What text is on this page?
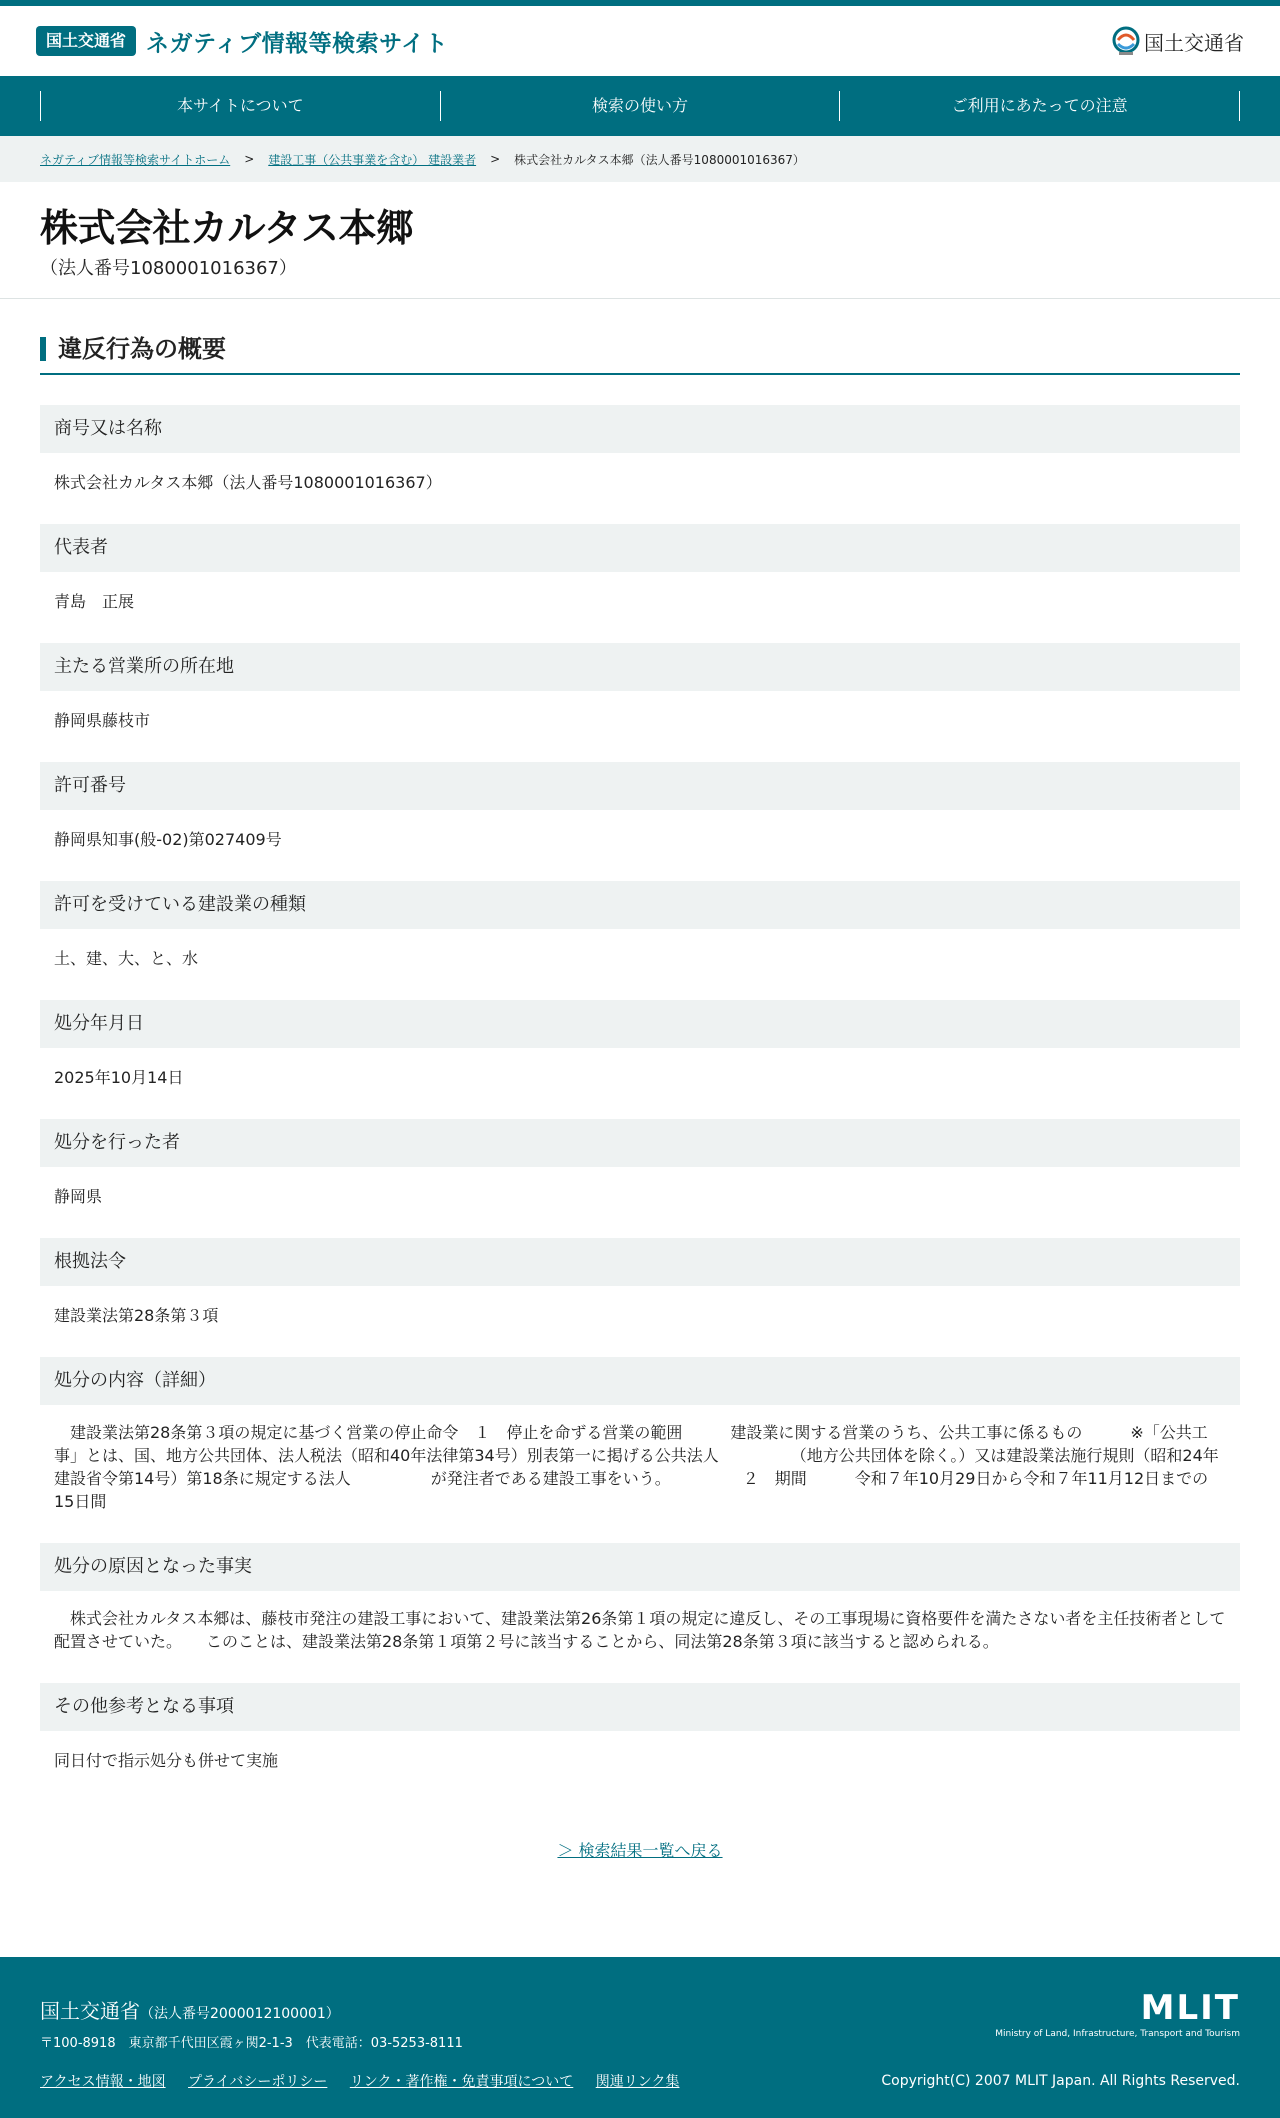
国土交通省 ネガティブ情報等検索サイト	国土交通省
本サイトについて	検索の使い方	ご利用にあたっての注意
ネガティブ情報等検索サイトホーム > 建設工事（公共事業を含む） 建設業者 > 株式会社カルタス本郷（法人番号1080001016367）
株式会社カルタス本郷
（法人番号1080001016367）
違反行為の概要
商号又は名称
株式会社カルタス本郷（法人番号1080001016367）
代表者
青島　正展
主たる営業所の所在地
静岡県藤枝市
許可番号
静岡県知事(般-02)第027409号
許可を受けている建設業の種類
土、建、大、と、水
処分年月日
2025年10月14日
処分を行った者
静岡県
根拠法令
建設業法第28条第３項
処分の内容（詳細）
　建設業法第28条第３項の規定に基づく営業の停止命令　１　停止を命ずる営業の範囲　　　建設業に関する営業のうち、公共工事に係るもの　　　※「公共工事」とは、国、地方公共団体、法人税法（昭和40年法律第34号）別表第一に掲げる公共法人　　　　　（地方公共団体を除く。）又は建設業法施行規則（昭和24年建設省令第14号）第18条に規定する法人　　　　　が発注者である建設工事をいう。　　　　　２　期間　　　令和７年10月29日から令和７年11月12日までの15日間
処分の原因となった事実
　株式会社カルタス本郷は、藤枝市発注の建設工事において、建設業法第26条第１項の規定に違反し、その工事現場に資格要件を満たさない者を主任技術者として配置させていた。　　このことは、建設業法第28条第１項第２号に該当することから、同法第28条第３項に該当すると認められる。
その他参考となる事項
同日付で指示処分も併せて実施
＞ 検索結果一覧へ戻る
国土交通省（法人番号2000012100001）
〒100-8918　東京都千代田区霞ヶ関2-1-3　代表電話：03-5253-8111
アクセス情報・地図 プライバシーポリシー リンク・著作権・免責事項について 関連リンク集
MLIT
Ministry of Land, Infrastructure, Transport and Tourism
Copyright(C) 2007 MLIT Japan. All Rights Reserved.
